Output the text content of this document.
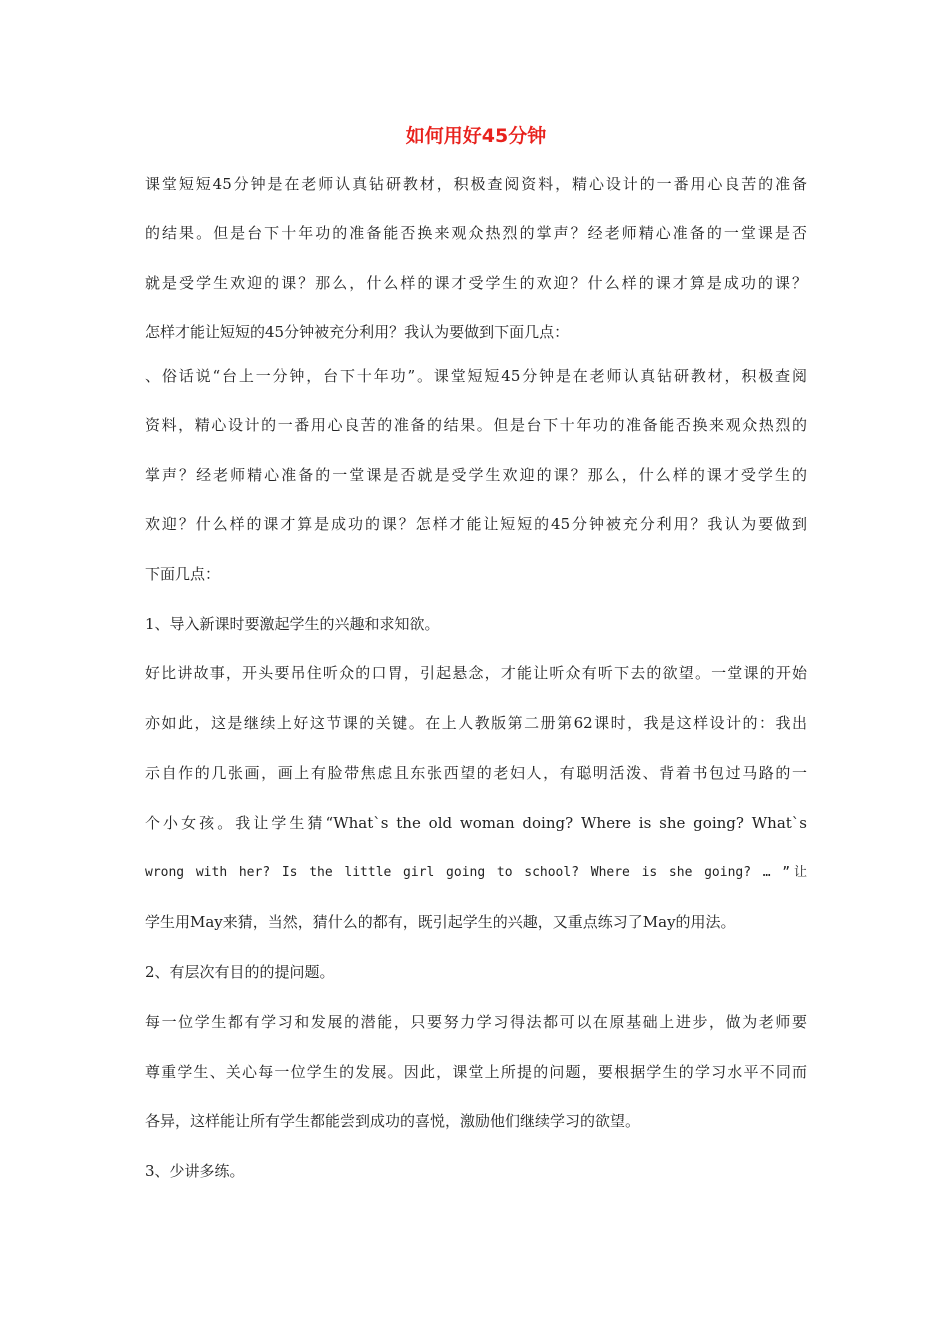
如何用好45分钟

课堂短短45分钟是在老师认真钻研教材，积极查阅资料，精心设计的一番用心良苦的准备

的结果。但是台下十年功的准备能否换来观众热烈的掌声？经老师精心准备的一堂课是否

就是受学生欢迎的课？那么，什么样的课才受学生的欢迎？什么样的课才算是成功的课？

怎样才能让短短的45分钟被充分利用？我认为要做到下面几点：

、俗话说“台上一分钟，台下十年功”。课堂短短45分钟是在老师认真钻研教材，积极查阅

资料，精心设计的一番用心良苦的准备的结果。但是台下十年功的准备能否换来观众热烈的

掌声？经老师精心准备的一堂课是否就是受学生欢迎的课？那么，什么样的课才受学生的

欢迎？什么样的课才算是成功的课？怎样才能让短短的45分钟被充分利用？我认为要做到

下面几点：

1、导入新课时要激起学生的兴趣和求知欲。

好比讲故事，开头要吊住听众的口胃，引起悬念，才能让听众有听下去的欲望。一堂课的开始

亦如此，这是继续上好这节课的关键。在上人教版第二册第62课时，我是这样设计的：我出

示自作的几张画，画上有脸带焦虑且东张西望的老妇人，有聪明活泼、背着书包过马路的一

个小女孩。我让学生猜“What`s the old woman doing? Where is she going? What`s

wrong with her? Is the little girl going to school? Where is she going? … ”让

学生用May来猜，当然，猜什么的都有，既引起学生的兴趣，又重点练习了May的用法。

2、有层次有目的的提问题。

每一位学生都有学习和发展的潜能，只要努力学习得法都可以在原基础上进步，做为老师要

尊重学生、关心每一位学生的发展。因此，课堂上所提的问题，要根据学生的学习水平不同而

各异，这样能让所有学生都能尝到成功的喜悦，激励他们继续学习的欲望。

3、少讲多练。
